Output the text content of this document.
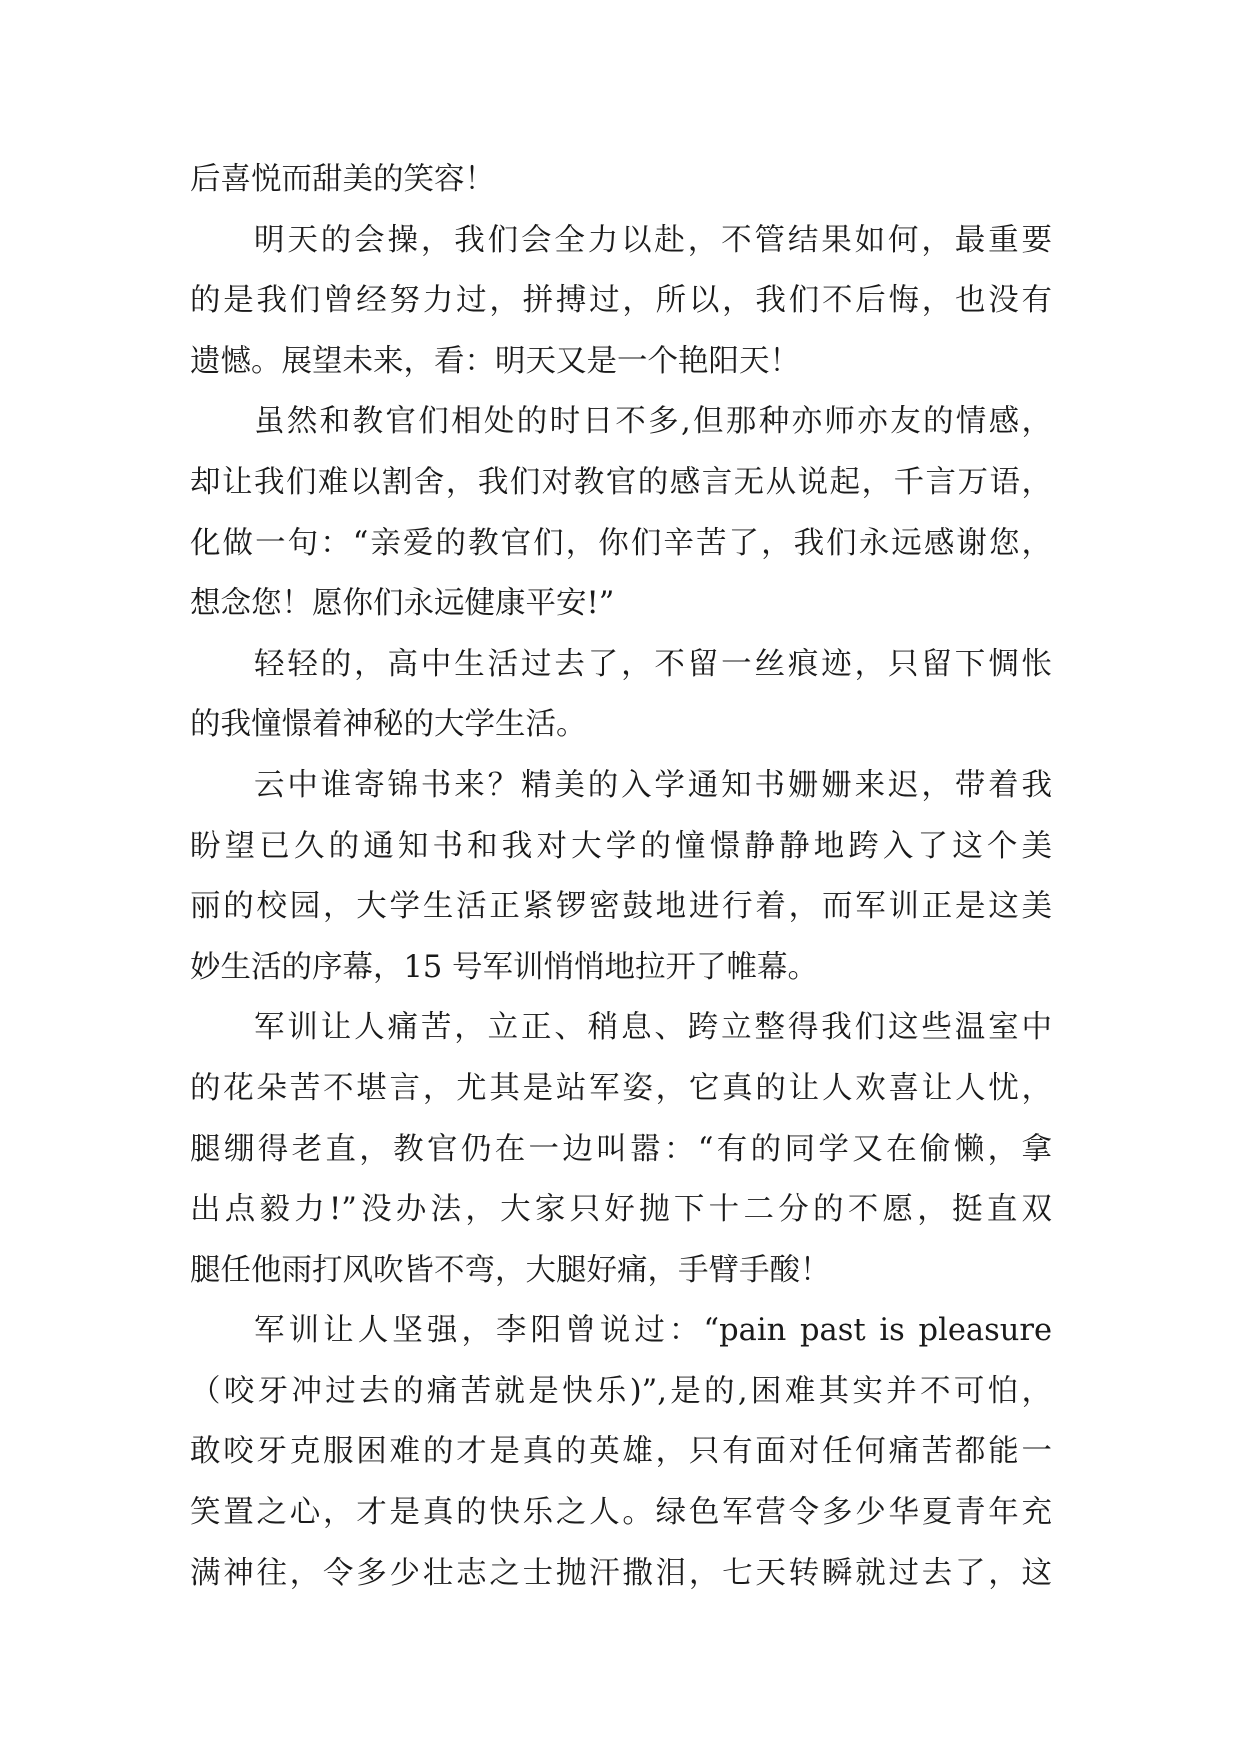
后喜悦而甜美的笑容！
明天的会操，我们会全力以赴，不管结果如何，最重要
的是我们曾经努力过，拼搏过，所以，我们不后悔，也没有
遗憾。展望未来，看：明天又是一个艳阳天！
虽然和教官们相处的时日不多,但那种亦师亦友的情感，
却让我们难以割舍，我们对教官的感言无从说起，千言万语，
化做一句：“亲爱的教官们，你们辛苦了，我们永远感谢您，
想念您！愿你们永远健康平安!”
轻轻的，高中生活过去了，不留一丝痕迹，只留下惆怅
的我憧憬着神秘的大学生活。
云中谁寄锦书来？精美的入学通知书姗姗来迟，带着我
盼望已久的通知书和我对大学的憧憬静静地跨入了这个美
丽的校园，大学生活正紧锣密鼓地进行着，而军训正是这美
妙生活的序幕，15 号军训悄悄地拉开了帷幕。
军训让人痛苦，立正、稍息、跨立整得我们这些温室中
的花朵苦不堪言，尤其是站军姿，它真的让人欢喜让人忧，
腿绷得老直，教官仍在一边叫嚣：“有的同学又在偷懒，拿
出点毅力!”没办法，大家只好抛下十二分的不愿，挺直双
腿任他雨打风吹皆不弯，大腿好痛，手臂手酸！
军训让人坚强，李阳曾说过：“pain past is pleasure
（咬牙冲过去的痛苦就是快乐)”,是的,困难其实并不可怕，
敢咬牙克服困难的才是真的英雄，只有面对任何痛苦都能一
笑置之心，才是真的快乐之人。绿色军营令多少华夏青年充
满神往，令多少壮志之士抛汗撒泪，七天转瞬就过去了，这
